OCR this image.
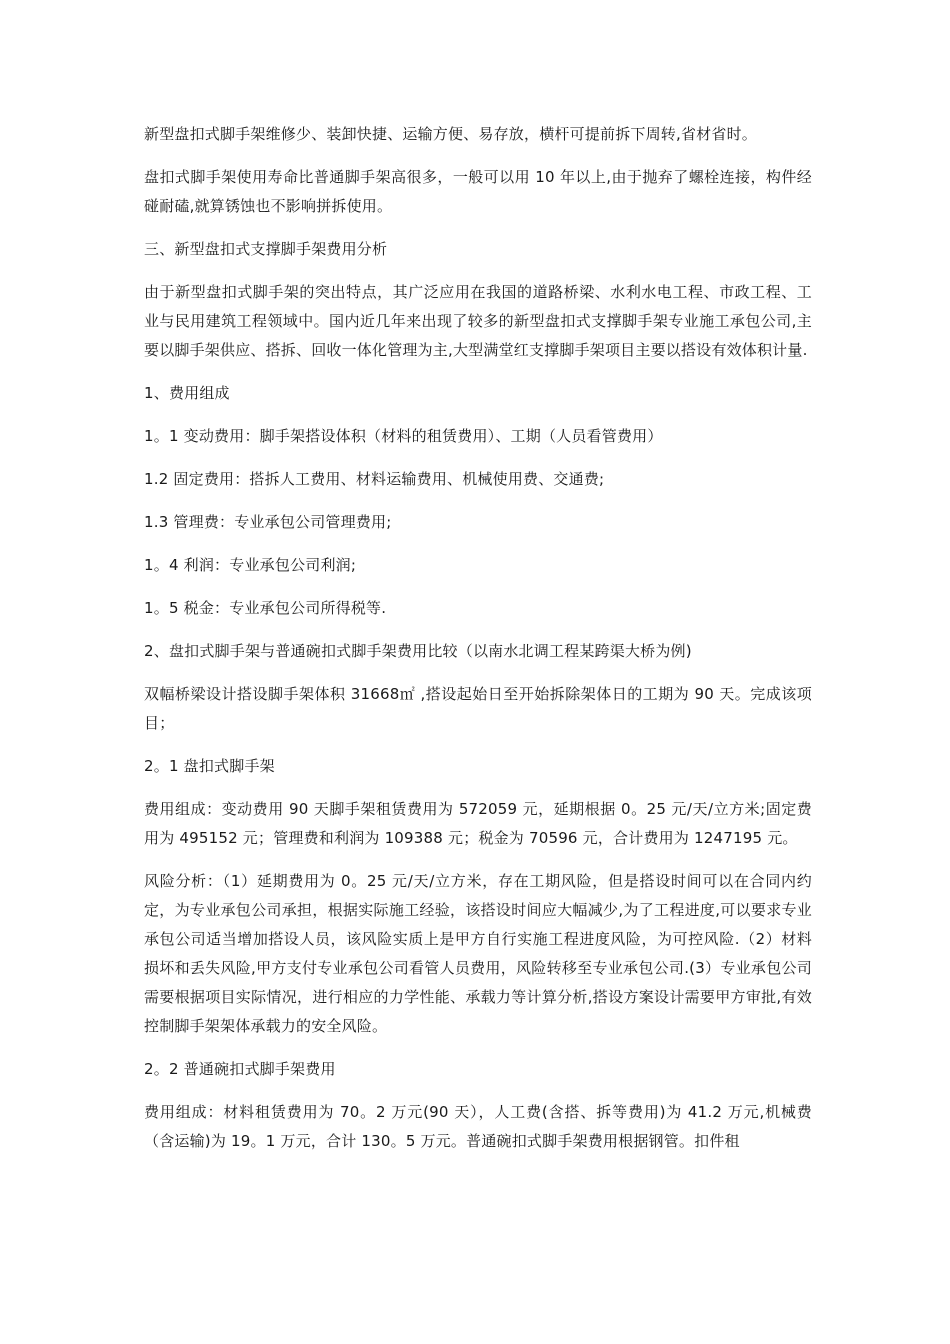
新型盘扣式脚手架维修少、装卸快捷、运输方便、易存放，横杆可提前拆下周转,省材省时。

盘扣式脚手架使用寿命比普通脚手架高很多，一般可以用 10 年以上,由于抛弃了螺栓连接，构件经碰耐磕,就算锈蚀也不影响拼拆使用。

三、新型盘扣式支撑脚手架费用分析

由于新型盘扣式脚手架的突出特点，其广泛应用在我国的道路桥梁、水利水电工程、市政工程、工业与民用建筑工程领域中。国内近几年来出现了较多的新型盘扣式支撑脚手架专业施工承包公司,主要以脚手架供应、搭拆、回收一体化管理为主,大型满堂红支撑脚手架项目主要以搭设有效体积计量.

1、费用组成

1。1 变动费用：脚手架搭设体积（材料的租赁费用）、工期（人员看管费用）

1.2 固定费用：搭拆人工费用、材料运输费用、机械使用费、交通费;

1.3 管理费：专业承包公司管理费用;

1。4 利润：专业承包公司利润;

1。5 税金：专业承包公司所得税等.

2、盘扣式脚手架与普通碗扣式脚手架费用比较（以南水北调工程某跨渠大桥为例)

双幅桥梁设计搭设脚手架体积 31668㎡ ,搭设起始日至开始拆除架体日的工期为 90 天。完成该项目；

2。1 盘扣式脚手架

费用组成：变动费用 90 天脚手架租赁费用为 572059 元，延期根据 0。25 元/天/立方米;固定费用为 495152 元；管理费和利润为 109388 元；税金为 70596 元，合计费用为 1247195 元。

风险分析：（1）延期费用为 0。25 元/天/立方米，存在工期风险，但是搭设时间可以在合同内约定，为专业承包公司承担，根据实际施工经验，该搭设时间应大幅减少,为了工程进度,可以要求专业承包公司适当增加搭设人员，该风险实质上是甲方自行实施工程进度风险，为可控风险.（2）材料损坏和丢失风险,甲方支付专业承包公司看管人员费用，风险转移至专业承包公司.(3）专业承包公司需要根据项目实际情况，进行相应的力学性能、承载力等计算分析,搭设方案设计需要甲方审批,有效控制脚手架架体承载力的安全风险。

2。2 普通碗扣式脚手架费用

费用组成：材料租赁费用为 70。2 万元(90 天），人工费(含搭、拆等费用)为 41.2 万元,机械费（含运输)为 19。1 万元，合计 130。5 万元。普通碗扣式脚手架费用根据钢管。扣件租
